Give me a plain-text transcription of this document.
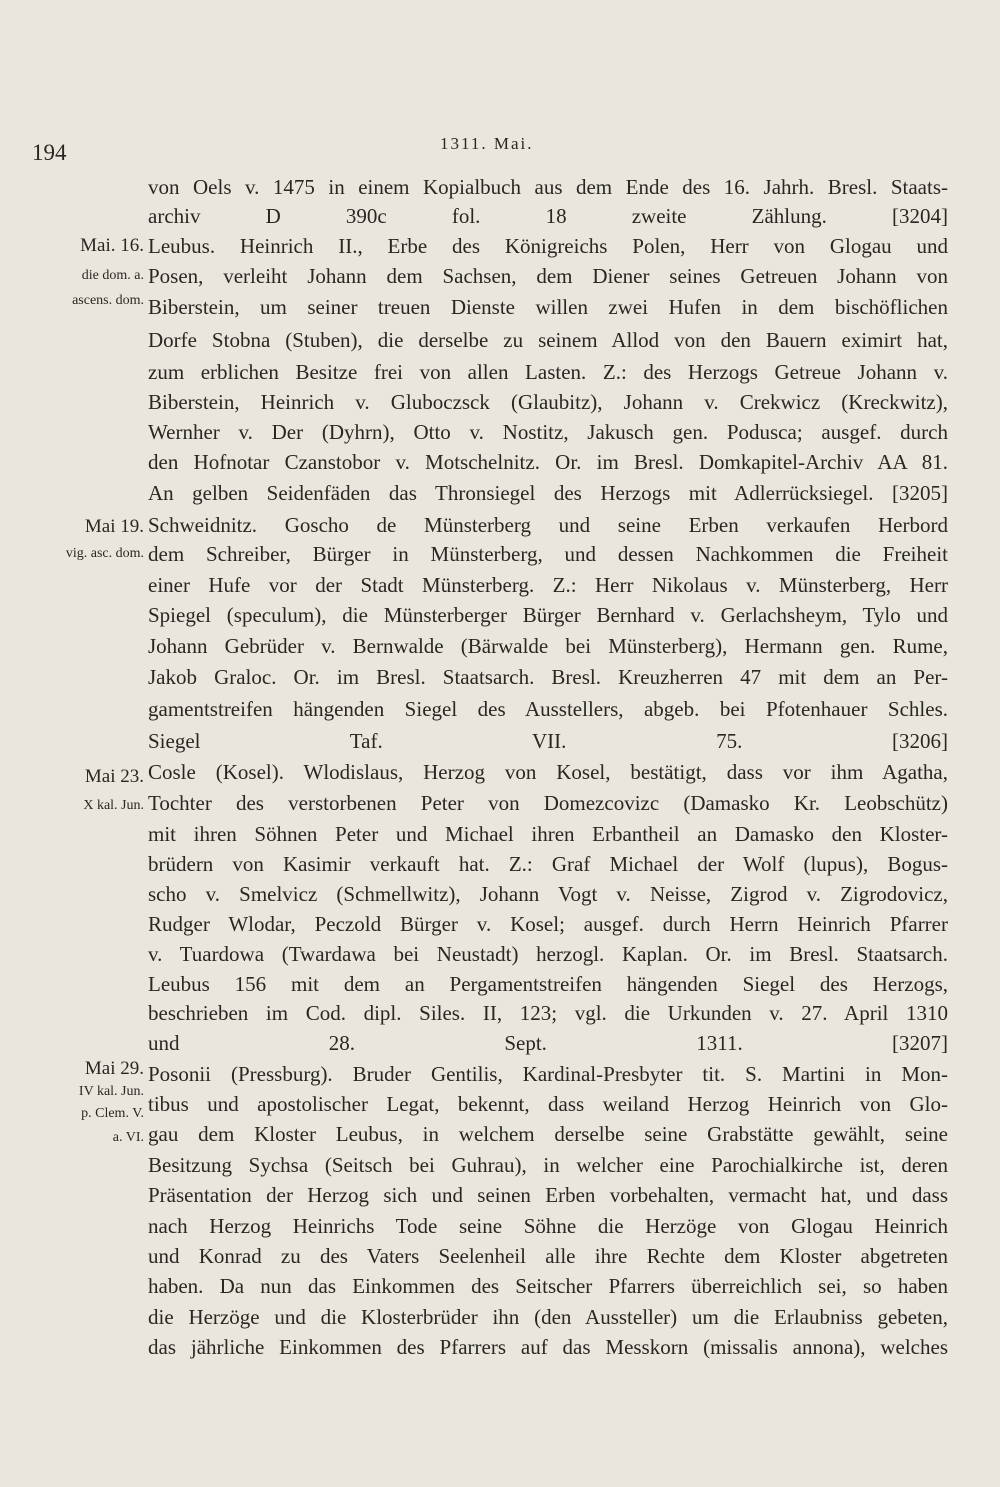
194	1311. Mai.
Mai. 16.
die dom. a.
ascens. dom.
Mai 19.
vig. asc. dom.
Mai 23.
X kal. Jun.
Mai 29.
IV kal. Jun.
p. Clem. V.
a. VI.
von Oels v. 1475 in einem Kopialbuch aus dem Ende des 16. Jahrh. Bresl. Staats-
archiv D 390c fol. 18 zweite Zählung. [3204]
Leubus. Heinrich II., Erbe des Königreichs Polen, Herr von Glogau und
Posen, verleiht Johann dem Sachsen, dem Diener seines Getreuen Johann von
Biberstein, um seiner treuen Dienste willen zwei Hufen in dem bischöflichen
Dorfe Stobna (Stuben), die derselbe zu seinem Allod von den Bauern eximirt hat,
zum erblichen Besitze frei von allen Lasten. Z.: des Herzogs Getreue Johann v.
Biberstein, Heinrich v. Gluboczsck (Glaubitz), Johann v. Crekwicz (Kreckwitz),
Wernher v. Der (Dyhrn), Otto v. Nostitz, Jakusch gen. Podusca; ausgef. durch
den Hofnotar Czanstobor v. Motschelnitz. Or. im Bresl. Domkapitel-Archiv AA 81.
An gelben Seidenfäden das Thronsiegel des Herzogs mit Adlerrücksiegel. [3205]
Schweidnitz. Goscho de Münsterberg und seine Erben verkaufen Herbord
dem Schreiber, Bürger in Münsterberg, und dessen Nachkommen die Freiheit
einer Hufe vor der Stadt Münsterberg. Z.: Herr Nikolaus v. Münsterberg, Herr
Spiegel (speculum), die Münsterberger Bürger Bernhard v. Gerlachsheym, Tylo und
Johann Gebrüder v. Bernwalde (Bärwalde bei Münsterberg), Hermann gen. Rume,
Jakob Graloc. Or. im Bresl. Staatsarch. Bresl. Kreuzherren 47 mit dem an Per-
gamentstreifen hängenden Siegel des Ausstellers, abgeb. bei Pfotenhauer Schles.
Siegel Taf. VII. 75. [3206]
Cosle (Kosel). Wlodislaus, Herzog von Kosel, bestätigt, dass vor ihm Agatha,
Tochter des verstorbenen Peter von Domezcovizc (Damasko Kr. Leobschütz)
mit ihren Söhnen Peter und Michael ihren Erbantheil an Damasko den Kloster-
brüdern von Kasimir verkauft hat. Z.: Graf Michael der Wolf (lupus), Bogus-
scho v. Smelvicz (Schmellwitz), Johann Vogt v. Neisse, Zigrod v. Zigrodovicz,
Rudger Wlodar, Peczold Bürger v. Kosel; ausgef. durch Herrn Heinrich Pfarrer
v. Tuardowa (Twardawa bei Neustadt) herzogl. Kaplan. Or. im Bresl. Staatsarch.
Leubus 156 mit dem an Pergamentstreifen hängenden Siegel des Herzogs,
beschrieben im Cod. dipl. Siles. II, 123; vgl. die Urkunden v. 27. April 1310
und 28. Sept. 1311. [3207]
Posonii (Pressburg). Bruder Gentilis, Kardinal-Presbyter tit. S. Martini in Mon-
tibus und apostolischer Legat, bekennt, dass weiland Herzog Heinrich von Glo-
gau dem Kloster Leubus, in welchem derselbe seine Grabstätte gewählt, seine
Besitzung Sychsa (Seitsch bei Guhrau), in welcher eine Parochialkirche ist, deren
Präsentation der Herzog sich und seinen Erben vorbehalten, vermacht hat, und dass
nach Herzog Heinrichs Tode seine Söhne die Herzöge von Glogau Heinrich
und Konrad zu des Vaters Seelenheil alle ihre Rechte dem Kloster abgetreten
haben. Da nun das Einkommen des Seitscher Pfarrers überreichlich sei, so haben
die Herzöge und die Klosterbrüder ihn (den Aussteller) um die Erlaubniss gebeten,
das jährliche Einkommen des Pfarrers auf das Messkorn (missalis annona), welches
